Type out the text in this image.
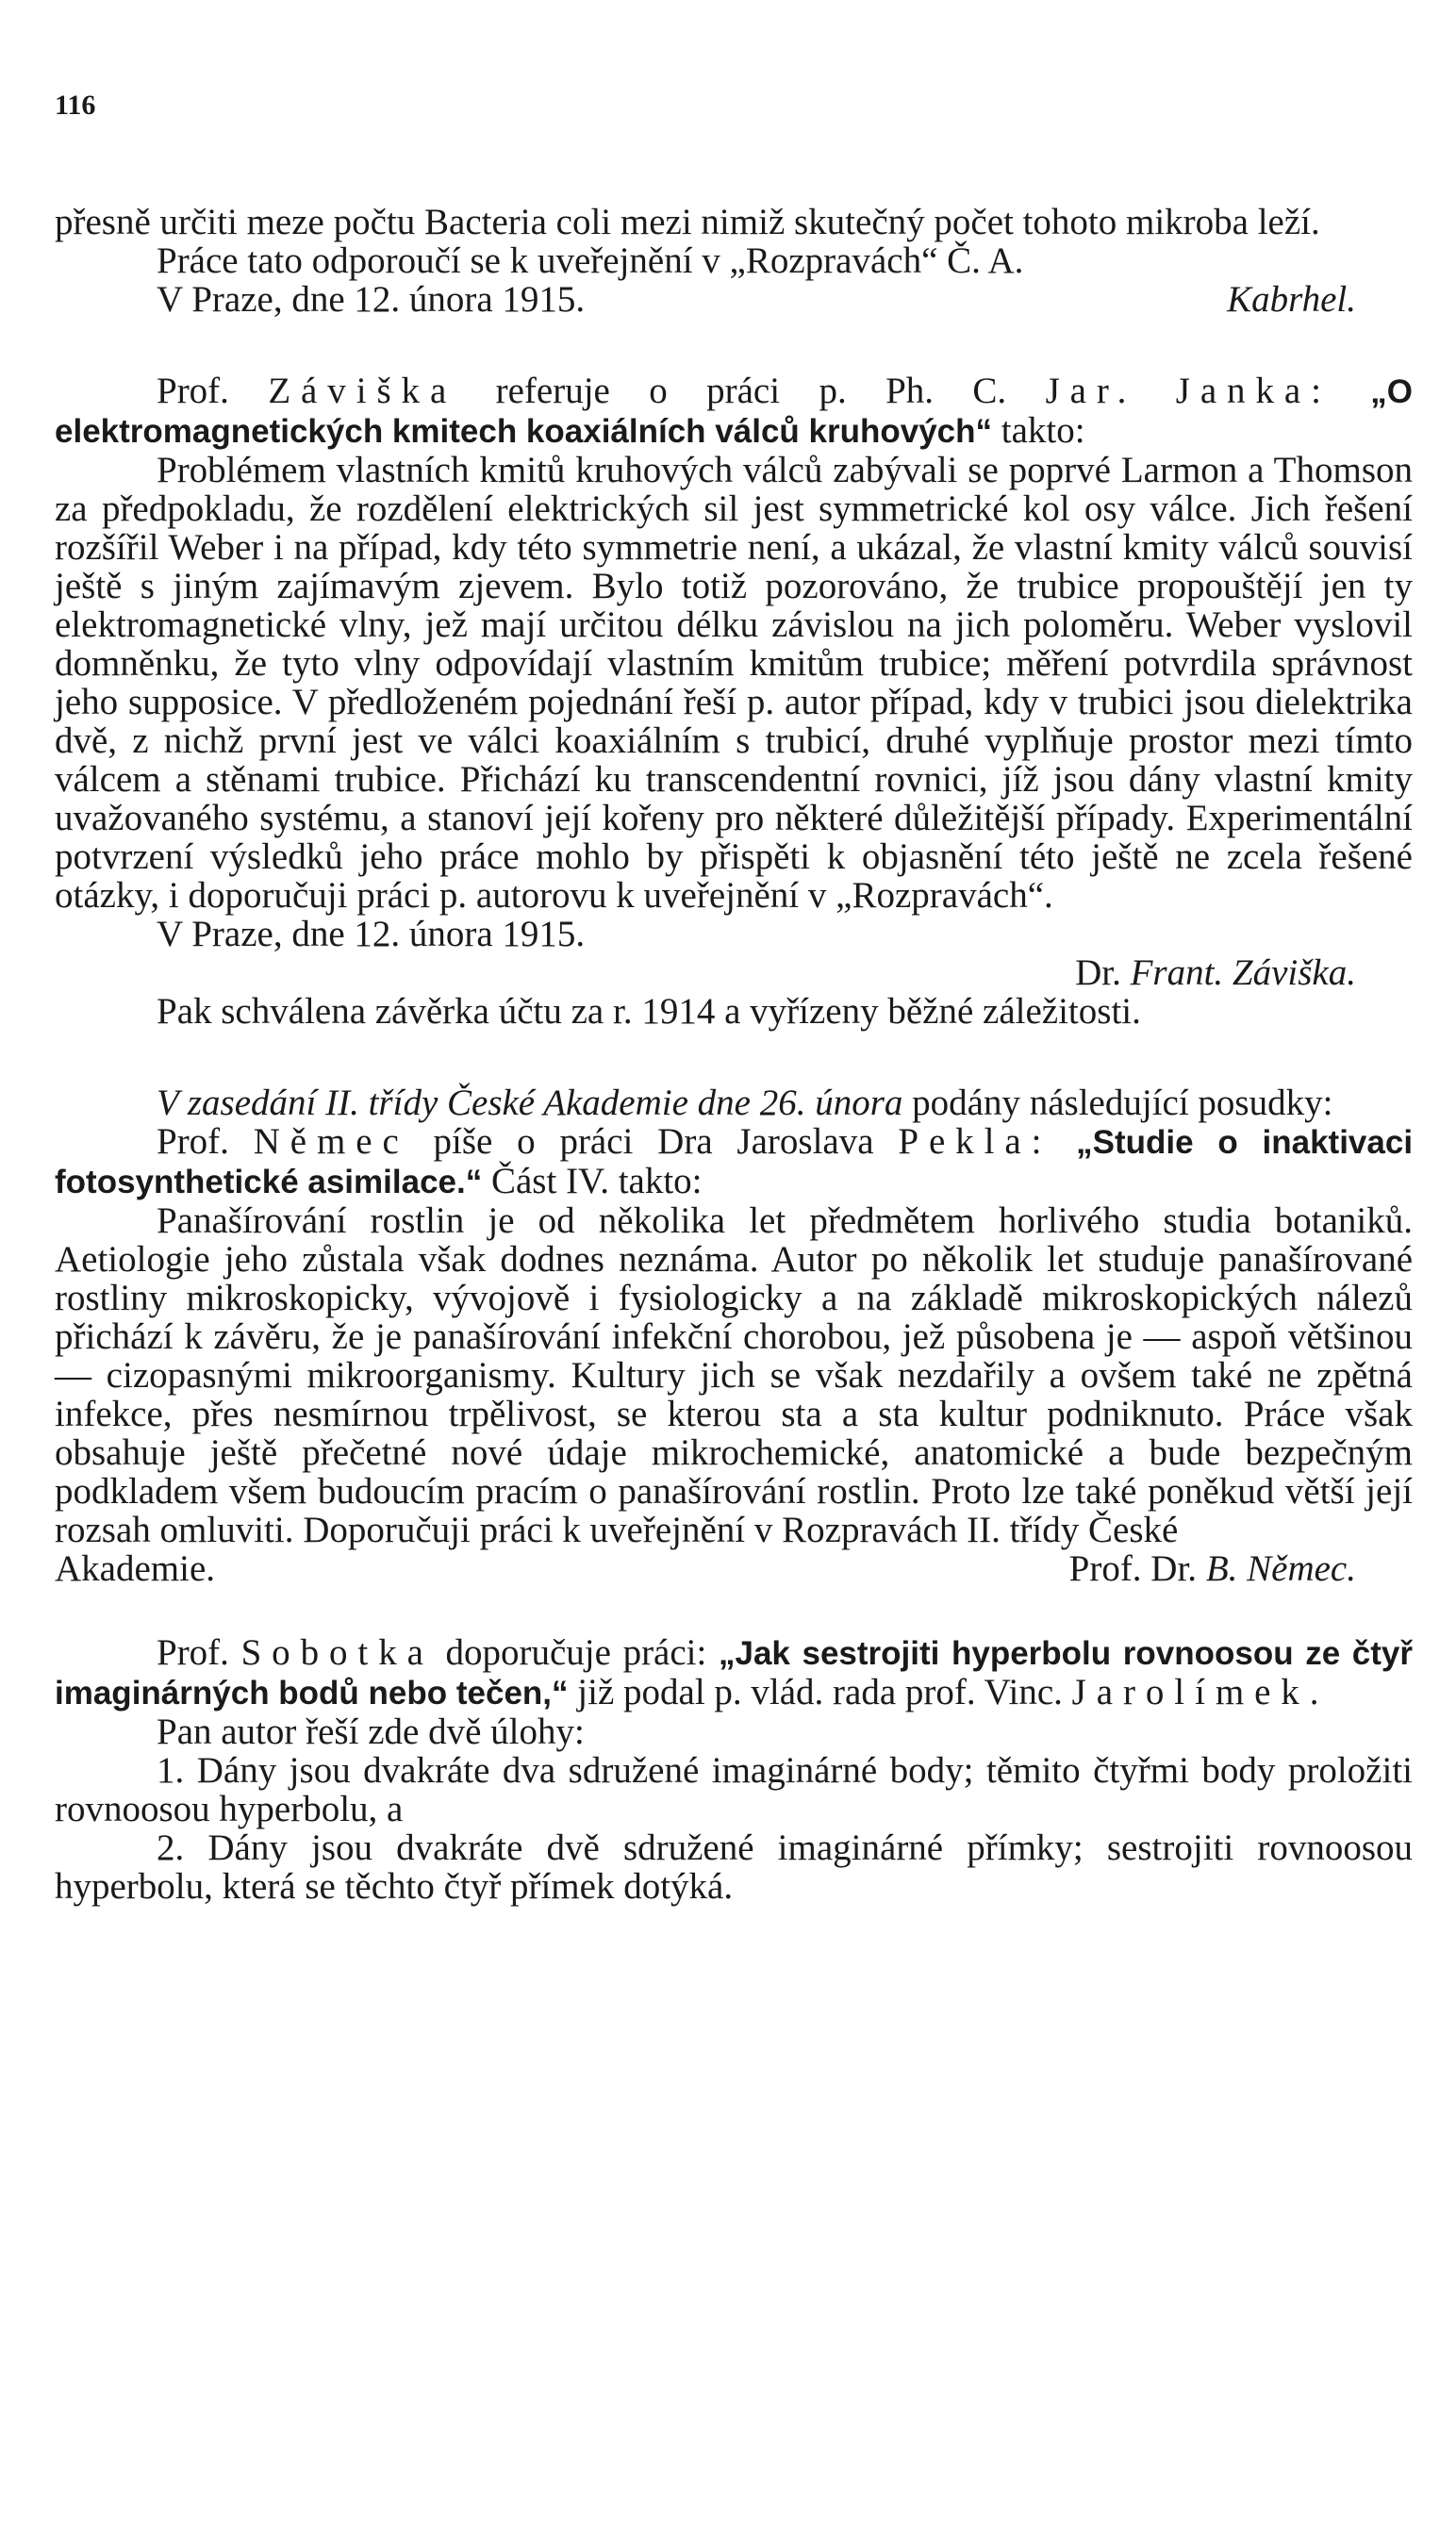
116

přesně určiti meze počtu Bacteria coli mezi nimiž skutečný počet tohoto mikroba leží.

Práce tato odporoučí se k uveřejnění v „Rozpravách“ Č. A.

V Praze, dne 12. února 1915.	Kabrhel.

Prof. Záviška referuje o práci p. Ph. C. Jar. Janka: „O elektromagnetických kmitech koaxiálních válců kruhových“ takto:

Problémem vlastních kmitů kruhových válců zabývali se poprvé Larmon a Thomson za předpokladu, že rozdělení elektrických sil jest symmetrické kol osy válce. Jich řešení rozšířil Weber i na případ, kdy této symmetrie není, a ukázal, že vlastní kmity válců souvisí ještě s jiným zajímavým zjevem. Bylo totiž pozorováno, že trubice propouštějí jen ty elektromagnetické vlny, jež mají určitou délku závislou na jich poloměru. Weber vyslovil domněnku, že tyto vlny odpovídají vlastním kmitům trubice; měření potvrdila správnost jeho supposice. V předloženém pojednání řeší p. autor případ, kdy v trubici jsou dielektrika dvě, z nichž první jest ve válci koaxiálním s trubicí, druhé vyplňuje prostor mezi tímto válcem a stěnami trubice. Přichází ku transcendentní rovnici, jíž jsou dány vlastní kmity uvažovaného systému, a stanoví její kořeny pro některé důležitější případy. Experimentální potvrzení výsledků jeho práce mohlo by přispěti k objasnění této ještě ne zcela řešené otázky, i doporučuji práci p. autorovu k uveřejnění v „Rozpravách“.

V Praze, dne 12. února 1915.

Dr. Frant. Záviška.

Pak schválena závěrka účtu za r. 1914 a vyřízeny běžné záležitosti.

V zasedání II. třídy České Akademie dne 26. února podány následující posudky:

Prof. Němec píše o práci Dra Jaroslava Pekla: „Studie o inaktivaci fotosynthetické asimilace.“ Část IV. takto:

Panašírování rostlin je od několika let předmětem horlivého studia botaniků. Aetiologie jeho zůstala však dodnes neznáma. Autor po několik let studuje panašírované rostliny mikroskopicky, vývojově i fysiologicky a na základě mikroskopických nálezů přichází k závěru, že je panašírování infekční chorobou, jež působena je — aspoň většinou — cizopasnými mikroorganismy. Kultury jich se však nezdařily a ovšem také ne zpětná infekce, přes nesmírnou trpělivost, se kterou sta a sta kultur podniknuto. Práce však obsahuje ještě přečetné nové údaje mikrochemické, anatomické a bude bezpečným podkladem všem budoucím pracím o panašírování rostlin. Proto lze také poněkud větší její rozsah omluviti. Doporučuji práci k uveřejnění v Rozpravách II. třídy České

Akademie.	Prof. Dr. B. Němec.

Prof. Sobotka doporučuje práci: „Jak sestrojiti hyperbolu rovnoosou ze čtyř imaginárných bodů nebo tečen,“ již podal p. vlád. rada prof. Vinc. Jarolímek.

Pan autor řeší zde dvě úlohy:

1. Dány jsou dvakráte dva sdružené imaginárné body; těmito čtyřmi body proložiti rovnoosou hyperbolu, a

2. Dány jsou dvakráte dvě sdružené imaginárné přímky; sestrojiti rovnoosou hyperbolu, která se těchto čtyř přímek dotýká.
